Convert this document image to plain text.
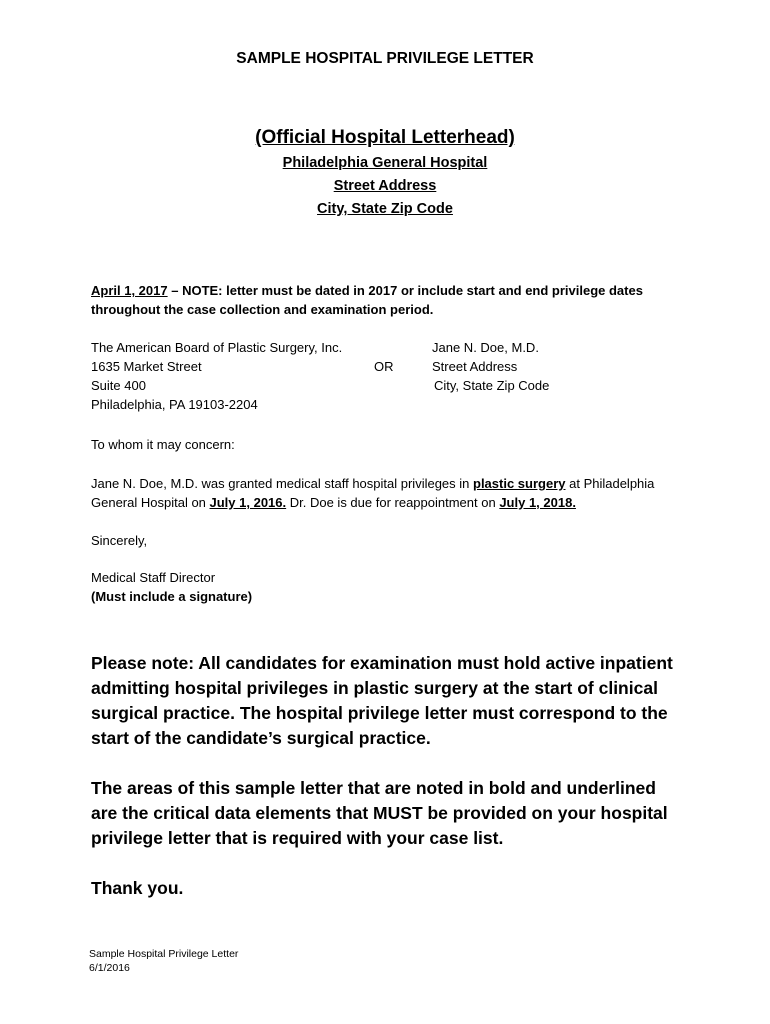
SAMPLE HOSPITAL PRIVILEGE LETTER
(Official Hospital Letterhead)
Philadelphia General Hospital
Street Address
City, State Zip Code
April 1, 2017 – NOTE: letter must be dated in 2017 or include start and end privilege dates
throughout the case collection and examination period.
The American Board of Plastic Surgery, Inc.
1635 Market Street
Suite 400
Philadelphia, PA 19103-2204
OR
Jane N. Doe, M.D.
Street Address
City, State Zip Code
To whom it may concern:
Jane N. Doe, M.D. was granted medical staff hospital privileges in plastic surgery at Philadelphia
General Hospital on July 1, 2016. Dr. Doe is due for reappointment on July 1, 2018.
Sincerely,
Medical Staff Director
(Must include a signature)
Please note: All candidates for examination must hold active inpatient
admitting hospital privileges in plastic surgery at the start of clinical
surgical practice. The hospital privilege letter must correspond to the
start of the candidate’s surgical practice.
The areas of this sample letter that are noted in bold and underlined
are the critical data elements that MUST be provided on your hospital
privilege letter that is required with your case list.
Thank you.
Sample Hospital Privilege Letter
6/1/2016
